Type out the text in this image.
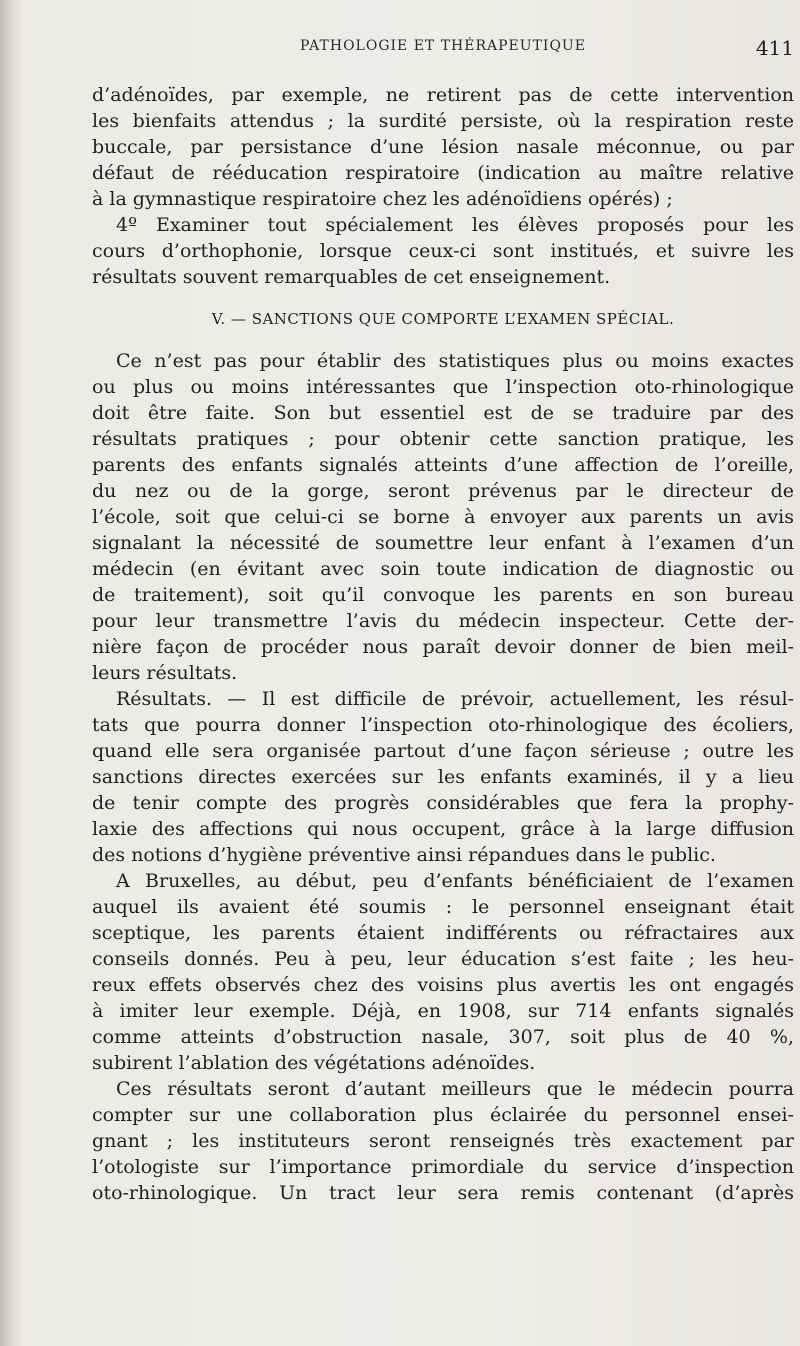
PATHOLOGIE ET THÉRAPEUTIQUE	411
d’adénoïdes, par exemple, ne retirent pas de cette intervention
les bienfaits attendus ; la surdité persiste, où la respiration reste
buccale, par persistance d’une lésion nasale méconnue, ou par
défaut de rééducation respiratoire (indication au maître relative
à la gymnastique respiratoire chez les adénoïdiens opérés) ;
4º Examiner tout spécialement les élèves proposés pour les
cours d’orthophonie, lorsque ceux-ci sont institués, et suivre les
résultats souvent remarquables de cet enseignement.
V. — SANCTIONS QUE COMPORTE L’EXAMEN SPÉCIAL.
Ce n’est pas pour établir des statistiques plus ou moins exactes
ou plus ou moins intéressantes que l’inspection oto-rhinologique
doit être faite. Son but essentiel est de se traduire par des
résultats pratiques ; pour obtenir cette sanction pratique, les
parents des enfants signalés atteints d’une affection de l’oreille,
du nez ou de la gorge, seront prévenus par le directeur de
l’école, soit que celui-ci se borne à envoyer aux parents un avis
signalant la nécessité de soumettre leur enfant à l’examen d’un
médecin (en évitant avec soin toute indication de diagnostic ou
de traitement), soit qu’il convoque les parents en son bureau
pour leur transmettre l’avis du médecin inspecteur. Cette der-
nière façon de procéder nous paraît devoir donner de bien meil-
leurs résultats.
Résultats. — Il est difficile de prévoir, actuellement, les résul-
tats que pourra donner l’inspection oto-rhinologique des écoliers,
quand elle sera organisée partout d’une façon sérieuse ; outre les
sanctions directes exercées sur les enfants examinés, il y a lieu
de tenir compte des progrès considérables que fera la prophy-
laxie des affections qui nous occupent, grâce à la large diffusion
des notions d’hygiène préventive ainsi répandues dans le public.
A Bruxelles, au début, peu d’enfants bénéficiaient de l’examen
auquel ils avaient été soumis : le personnel enseignant était
sceptique, les parents étaient indifférents ou réfractaires aux
conseils donnés. Peu à peu, leur éducation s’est faite ; les heu-
reux effets observés chez des voisins plus avertis les ont engagés
à imiter leur exemple. Déjà, en 1908, sur 714 enfants signalés
comme atteints d’obstruction nasale, 307, soit plus de 40 %,
subirent l’ablation des végétations adénoïdes.
Ces résultats seront d’autant meilleurs que le médecin pourra
compter sur une collaboration plus éclairée du personnel ensei-
gnant ; les instituteurs seront renseignés très exactement par
l’otologiste sur l’importance primordiale du service d’inspection
oto-rhinologique. Un tract leur sera remis contenant (d’après
